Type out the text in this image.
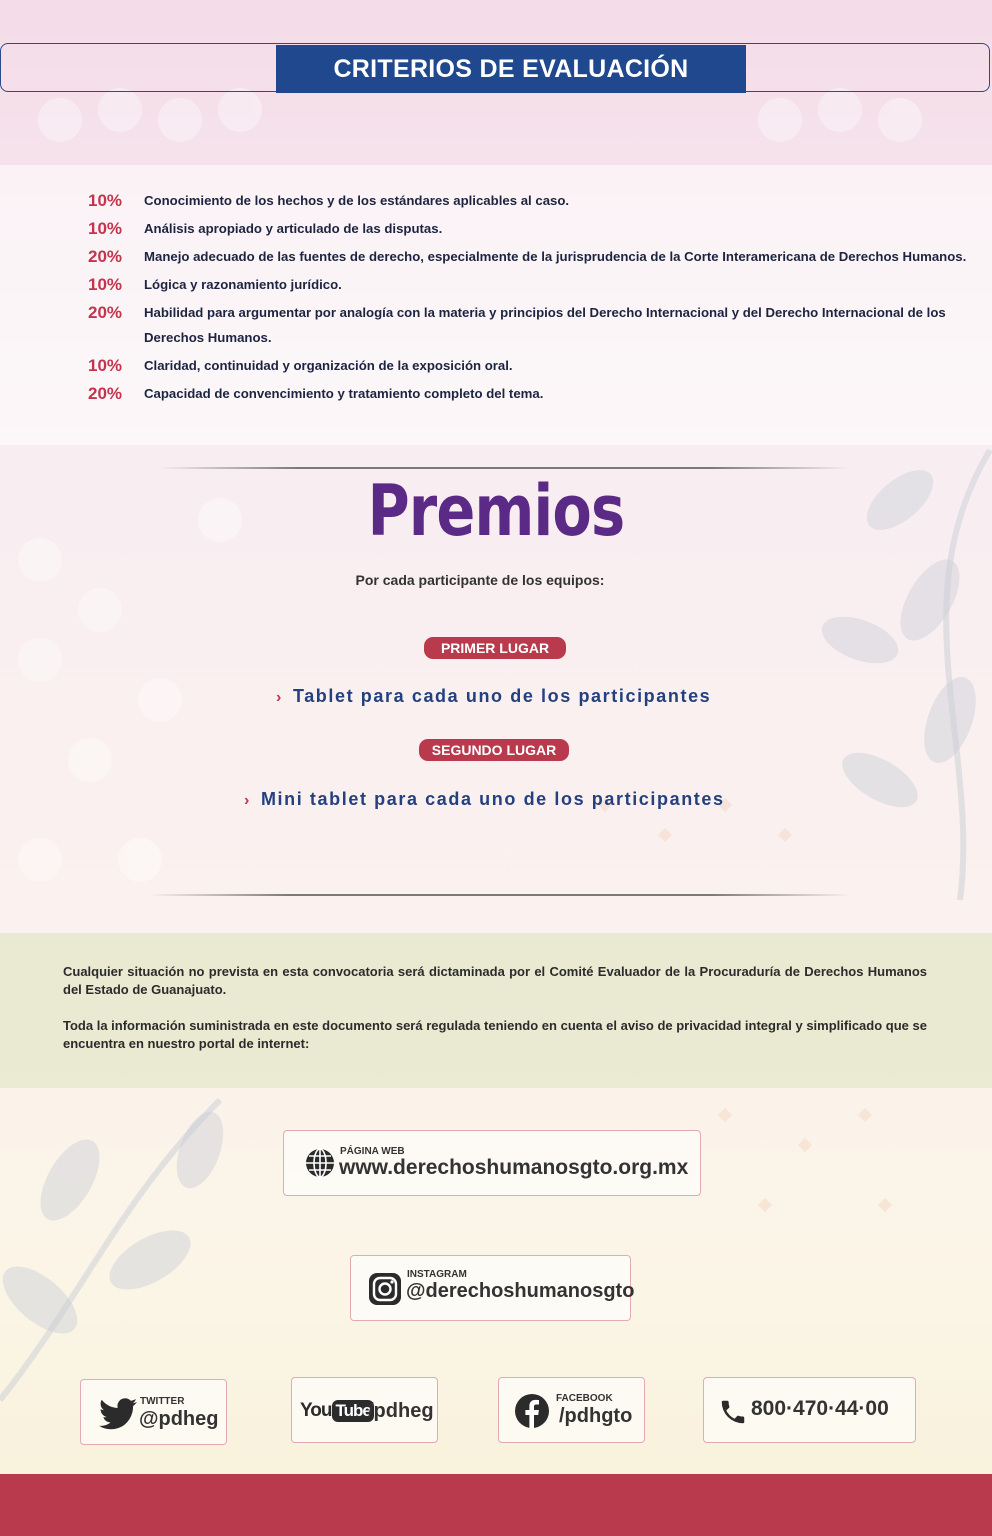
CRITERIOS DE EVALUACIÓN
10%	Conocimiento de los hechos y de los estándares aplicables al caso.
10%	Análisis apropiado y articulado de las disputas.
20%	Manejo adecuado de las fuentes de derecho, especialmente de la jurisprudencia de la Corte Interamericana de Derechos Humanos.
10%	Lógica y razonamiento jurídico.
20%	Habilidad para argumentar por analogía con la materia y principios del Derecho Internacional y del Derecho Internacional de los Derechos Humanos.
10%	Claridad, continuidad y organización de la exposición oral.
20%	Capacidad de convencimiento y tratamiento completo del tema.
Premios
Por cada participante de los equipos:
PRIMER LUGAR
› Tablet para cada uno de los participantes
SEGUNDO LUGAR
› Mini tablet para cada uno de los participantes
Cualquier situación no prevista en esta convocatoria será dictaminada por el Comité Evaluador de la Procuraduría de Derechos Humanos del Estado de Guanajuato.
Toda la información suministrada en este documento será regulada teniendo en cuenta el aviso de privacidad integral y simplificado que se encuentra en nuestro portal de internet:
PÁGINA WEB
www.derechoshumanosgto.org.mx
INSTAGRAM
@derechoshumanosgto
TWITTER
@pdheg	You Tube
/pdheg
FACEBOOK
/pdhgto	800·470·44·00
